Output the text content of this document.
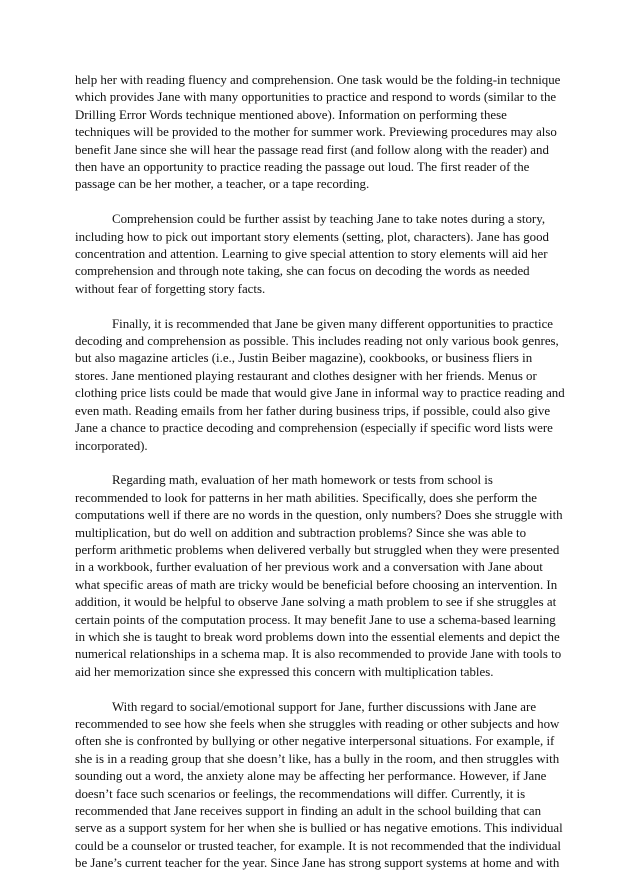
help her with reading fluency and comprehension. One task would be the folding-in technique which provides Jane with many opportunities to practice and respond to words (similar to the Drilling Error Words technique mentioned above). Information on performing these techniques will be provided to the mother for summer work. Previewing procedures may also benefit Jane since she will hear the passage read first (and follow along with the reader) and then have an opportunity to practice reading the passage out loud. The first reader of the passage can be her mother, a teacher, or a tape recording.

Comprehension could be further assist by teaching Jane to take notes during a story, including how to pick out important story elements (setting, plot, characters). Jane has good concentration and attention. Learning to give special attention to story elements will aid her comprehension and through note taking, she can focus on decoding the words as needed without fear of forgetting story facts.

Finally, it is recommended that Jane be given many different opportunities to practice decoding and comprehension as possible. This includes reading not only various book genres, but also magazine articles (i.e., Justin Beiber magazine), cookbooks, or business fliers in stores. Jane mentioned playing restaurant and clothes designer with her friends. Menus or clothing price lists could be made that would give Jane in informal way to practice reading and even math. Reading emails from her father during business trips, if possible, could also give Jane a chance to practice decoding and comprehension (especially if specific word lists were incorporated).

Regarding math, evaluation of her math homework or tests from school is recommended to look for patterns in her math abilities. Specifically, does she perform the computations well if there are no words in the question, only numbers? Does she struggle with multiplication, but do well on addition and subtraction problems? Since she was able to perform arithmetic problems when delivered verbally but struggled when they were presented in a workbook, further evaluation of her previous work and a conversation with Jane about what specific areas of math are tricky would be beneficial before choosing an intervention. In addition, it would be helpful to observe Jane solving a math problem to see if she struggles at certain points of the computation process. It may benefit Jane to use a schema-based learning in which she is taught to break word problems down into the essential elements and depict the numerical relationships in a schema map. It is also recommended to provide Jane with tools to aid her memorization since she expressed this concern with multiplication tables.

With regard to social/emotional support for Jane, further discussions with Jane are recommended to see how she feels when she struggles with reading or other subjects and how often she is confronted by bullying or other negative interpersonal situations. For example, if she is in a reading group that she doesn’t like, has a bully in the room, and then struggles with sounding out a word, the anxiety alone may be affecting her performance. However, if Jane doesn’t face such scenarios or feelings, the recommendations will differ. Currently, it is recommended that Jane receives support in finding an adult in the school building that can serve as a support system for her when she is bullied or has negative emotions. This individual could be a counselor or trusted teacher, for example. It is not recommended that the individual be Jane’s current teacher for the year. Since Jane has strong support systems at home and with
